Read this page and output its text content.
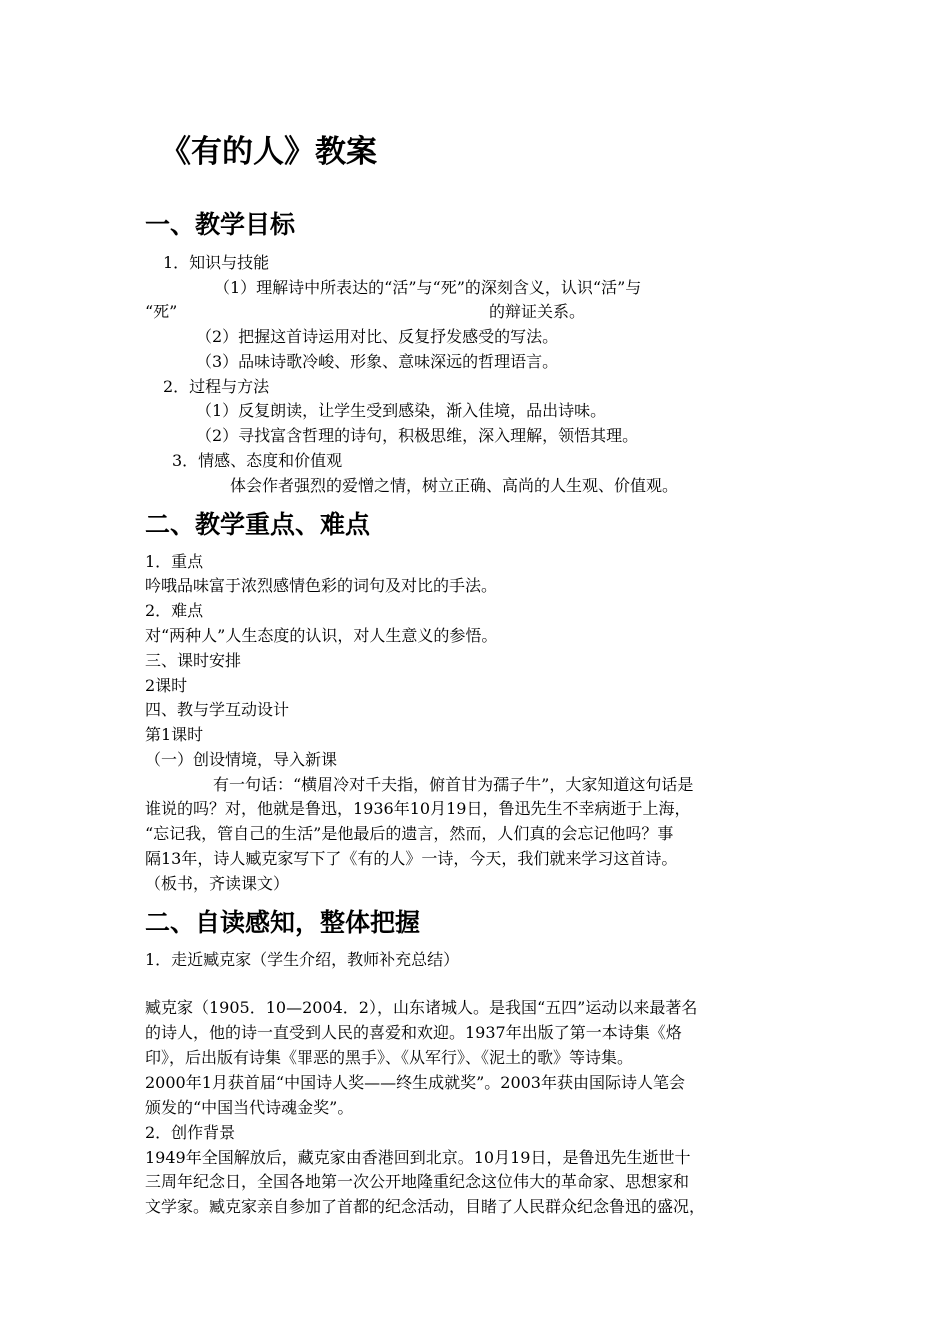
《有的人》教案
一、教学目标
1．知识与技能
（1）理解诗中所表达的“活”与“死”的深刻含义，认识“活”与
“死”	的辩证关系。
（2）把握这首诗运用对比、反复抒发感受的写法。
（3）品味诗歌冷峻、形象、意味深远的哲理语言。
2．过程与方法
（1）反复朗读，让学生受到感染，渐入佳境，品出诗味。
（2）寻找富含哲理的诗句，积极思维，深入理解，领悟其理。
3．情感、态度和价值观
体会作者强烈的爱憎之情，树立正确、高尚的人生观、价值观。
二、教学重点、难点
1．重点
吟哦品味富于浓烈感情色彩的词句及对比的手法。
2．难点
对“两种人”人生态度的认识，对人生意义的参悟。
三、课时安排
2课时
四、教与学互动设计
第1课时
（一）创设情境，导入新课
有一句话：“横眉冷对千夫指，俯首甘为孺子牛”，大家知道这句话是
谁说的吗？对，他就是鲁迅，1936年10月19日，鲁迅先生不幸病逝于上海，
“忘记我，管自己的生活”是他最后的遗言，然而，人们真的会忘记他吗？事
隔13年，诗人臧克家写下了《有的人》一诗，今天，我们就来学习这首诗。
（板书，齐读课文）
二、自读感知，整体把握
1．走近臧克家（学生介绍，教师补充总结）
臧克家（1905．10—2004．2），山东诸城人。是我国“五四”运动以来最著名
的诗人，他的诗一直受到人民的喜爱和欢迎。1937年出版了第一本诗集《烙
印》，后出版有诗集《罪恶的黑手》、《从军行》、《泥土的歌》等诗集。
2000年1月获首届“中国诗人奖——终生成就奖”。2003年获由国际诗人笔会
颁发的“中国当代诗魂金奖”。
2．创作背景
1949年全国解放后，藏克家由香港回到北京。10月19日，是鲁迅先生逝世十
三周年纪念日，全国各地第一次公开地隆重纪念这位伟大的革命家、思想家和
文学家。臧克家亲自参加了首都的纪念活动，目睹了人民群众纪念鲁迅的盛况，
